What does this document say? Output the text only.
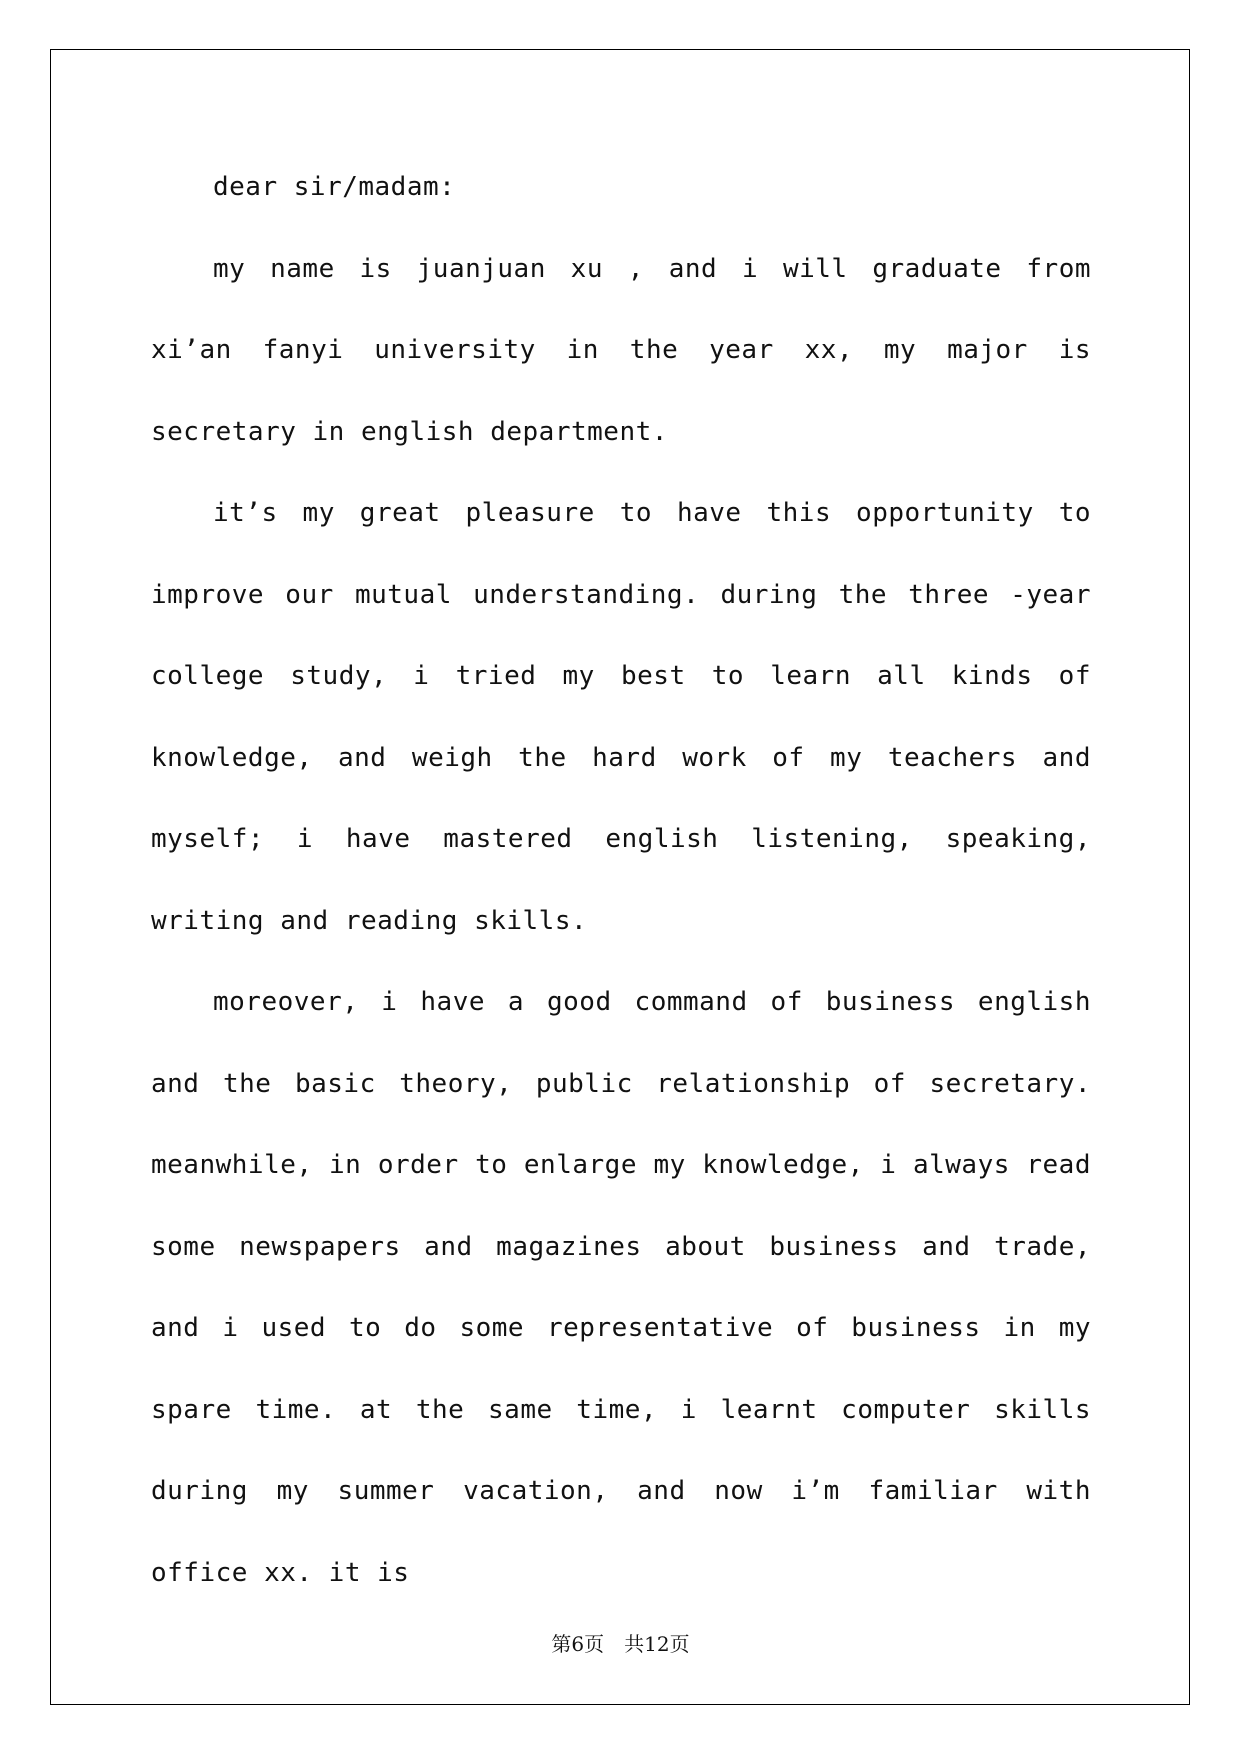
dear sir/madam:

my name is juanjuan xu , and i will graduate from xi’an fanyi university in the year xx, my major is secretary in english department.

it’s my great pleasure to have this opportunity to improve our mutual understanding. during the three -year college study, i tried my best to learn all kinds of knowledge, and weigh the hard work of my teachers and myself; i have mastered english listening, speaking, writing and reading skills.

moreover, i have a good command of business english and the basic theory, public relationship of secretary. meanwhile, in order to enlarge my knowledge, i always read some newspapers and magazines about business and trade, and i used to do some representative of business in my spare time. at the same time, i learnt computer skills during my summer vacation, and now i’m familiar with office xx. it is

第6页　共12页
